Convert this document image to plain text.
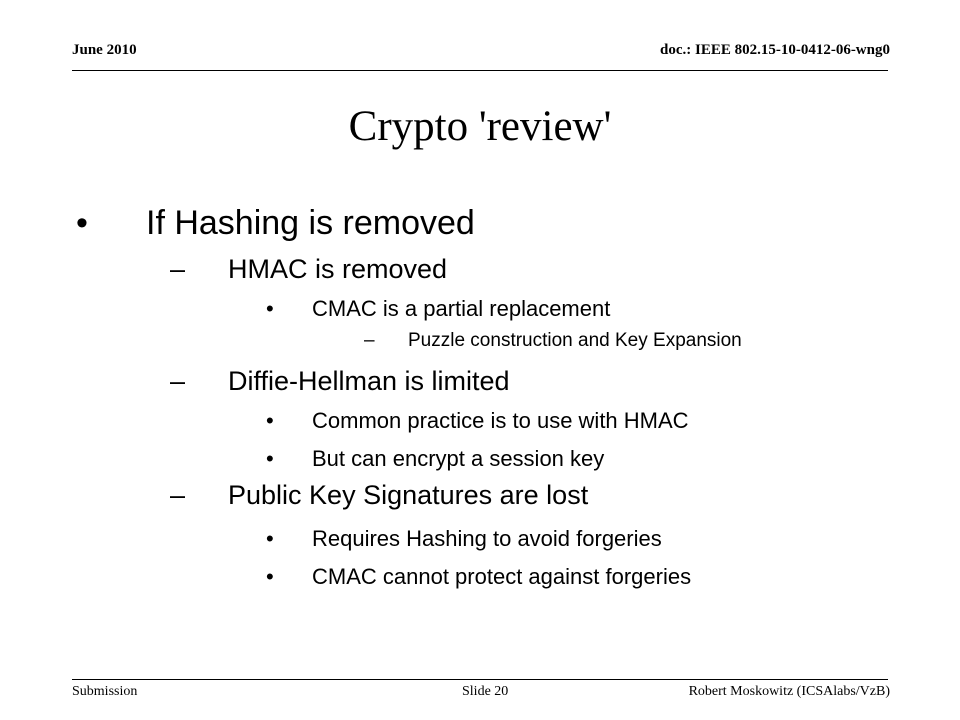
June 2010	doc.: IEEE 802.15-10-0412-06-wng0
Crypto 'review'
• If Hashing is removed
– HMAC is removed
• CMAC is a partial replacement
– Puzzle construction and Key Expansion
– Diffie-Hellman is limited
• Common practice is to use with HMAC
• But can encrypt a session key
– Public Key Signatures are lost
• Requires Hashing to avoid forgeries
• CMAC cannot protect against forgeries
Submission	Slide 20	Robert Moskowitz (ICSAlabs/VzB)
